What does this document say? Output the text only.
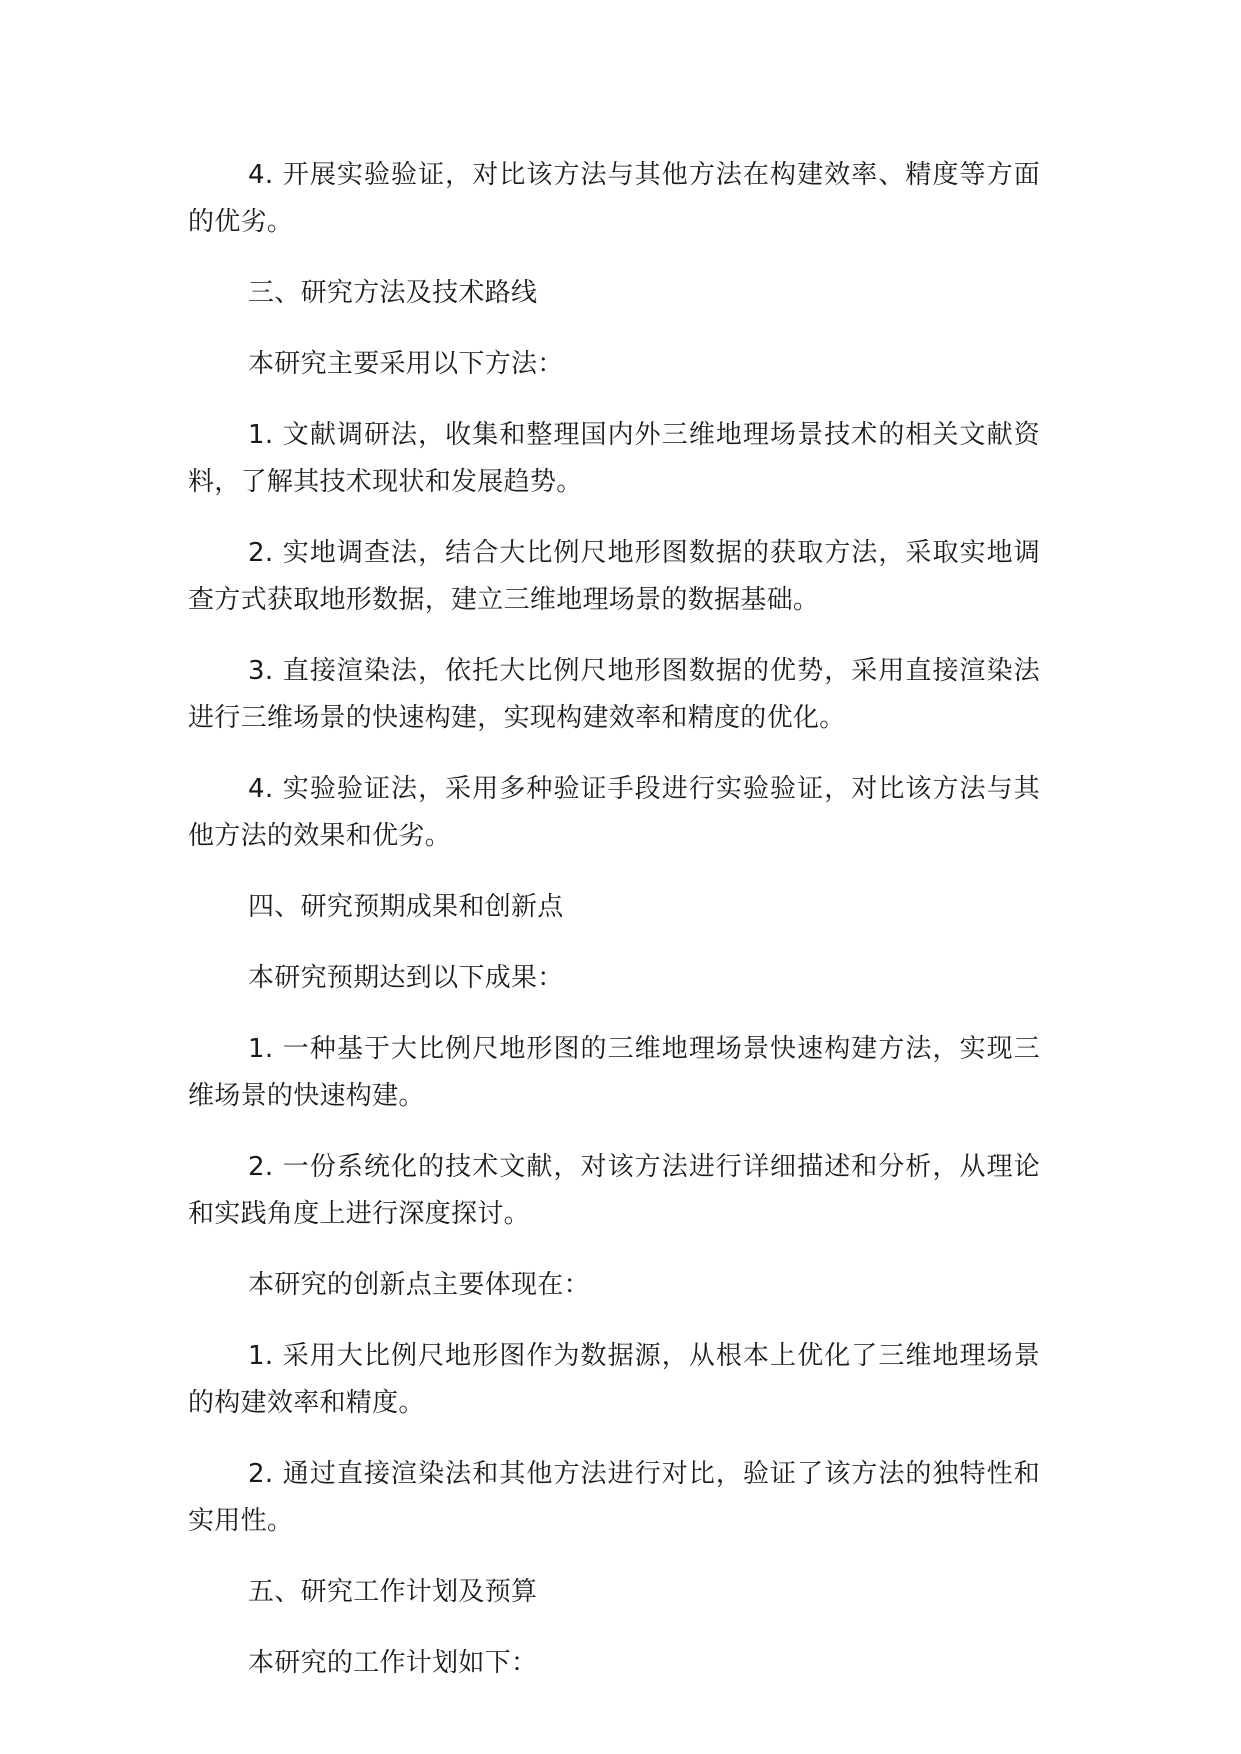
4. 开展实验验证，对比该方法与其他方法在构建效率、精度等方面的优劣。

三、研究方法及技术路线

本研究主要采用以下方法：

1. 文献调研法，收集和整理国内外三维地理场景技术的相关文献资料，了解其技术现状和发展趋势。

2. 实地调查法，结合大比例尺地形图数据的获取方法，采取实地调查方式获取地形数据，建立三维地理场景的数据基础。

3. 直接渲染法，依托大比例尺地形图数据的优势，采用直接渲染法进行三维场景的快速构建，实现构建效率和精度的优化。

4. 实验验证法，采用多种验证手段进行实验验证，对比该方法与其他方法的效果和优劣。

四、研究预期成果和创新点

本研究预期达到以下成果：

1. 一种基于大比例尺地形图的三维地理场景快速构建方法，实现三维场景的快速构建。

2. 一份系统化的技术文献，对该方法进行详细描述和分析，从理论和实践角度上进行深度探讨。

本研究的创新点主要体现在：

1. 采用大比例尺地形图作为数据源，从根本上优化了三维地理场景的构建效率和精度。

2. 通过直接渲染法和其他方法进行对比，验证了该方法的独特性和实用性。

五、研究工作计划及预算

本研究的工作计划如下：
